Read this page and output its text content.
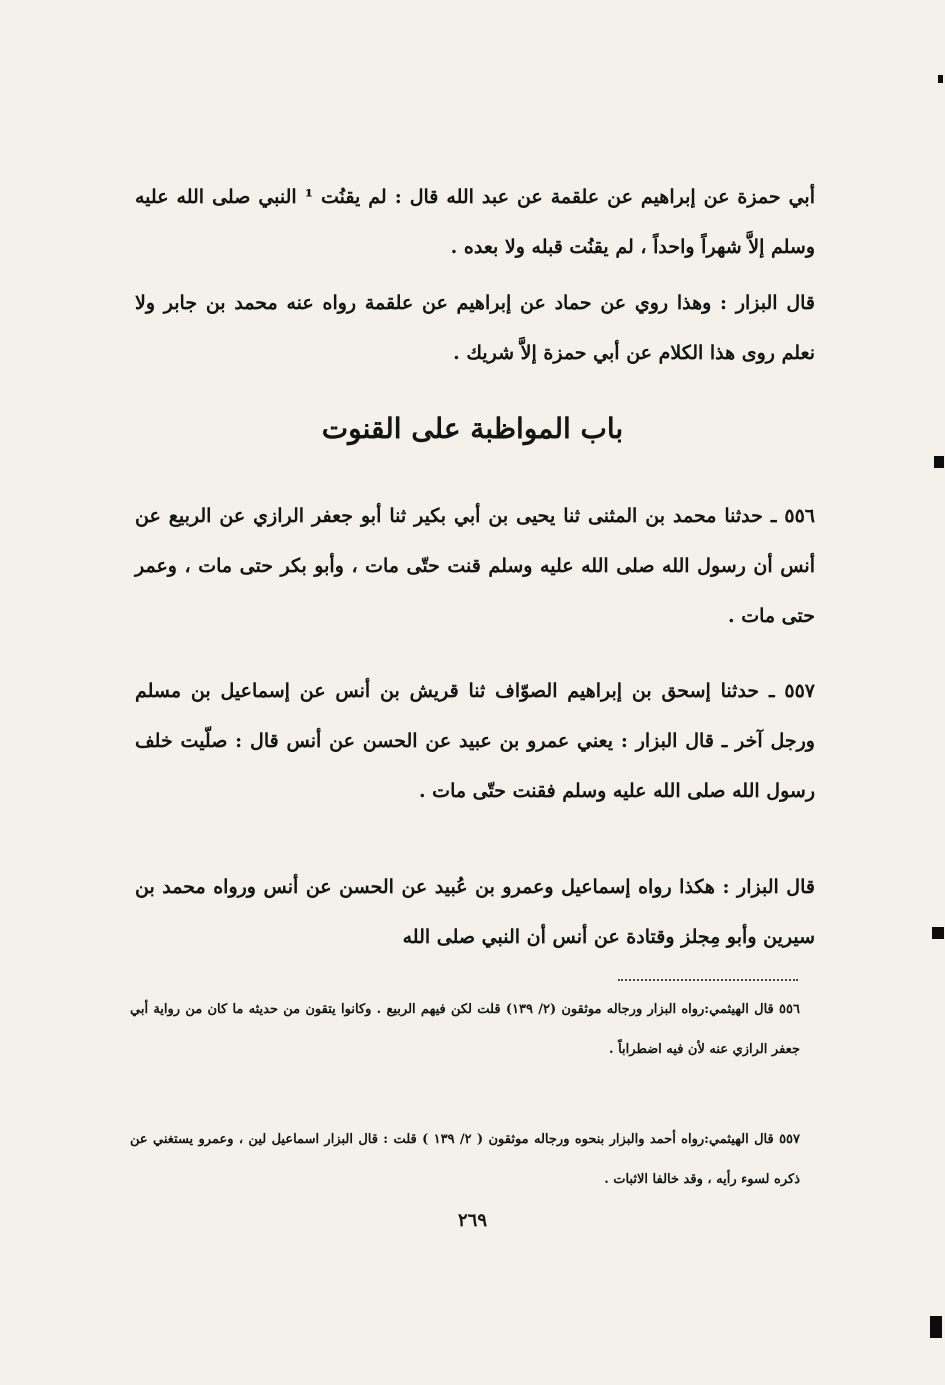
أبي حمزة عن إبراهيم عن علقمة عن عبد الله قال : لم يقنُت ¹ النبي صلى الله عليه وسلم إلاَّ شهراً واحداً ، لم يقنُت قبله ولا بعده .

قال البزار : وهذا روي عن حماد عن إبراهيم عن علقمة رواه عنه محمد بن جابر ولا نعلم روى هذا الكلام عن أبي حمزة إلاَّ شريك .

باب المواظبة على القنوت

٥٥٦ ـ حدثنا محمد بن المثنى ثنا يحيى بن أبي بكير ثنا أبو جعفر الرازي عن الربيع عن أنس أن رسول الله صلى الله عليه وسلم قنت حتّى مات ، وأبو بكر حتى مات ، وعمر حتى مات .

٥٥٧ ـ حدثنا إسحق بن إبراهيم الصوّاف ثنا قريش بن أنس عن إسماعيل بن مسلم ورجل آخر ـ قال البزار : يعني عمرو بن عبيد عن الحسن عن أنس قال : صلّيت خلف رسول الله صلى الله عليه وسلم فقنت حتّى مات .

قال البزار : هكذا رواه إسماعيل وعمرو بن عُبيد عن الحسن عن أنس ورواه محمد بن سيرين وأبو مِجلز وقتادة عن أنس أن النبي صلى الله

٥٥٦ قال الهيثمي:رواه البزار ورجاله موثقون (٢/ ١٣٩) قلت لكن فيهم الربيع . وكانوا يتقون من حديثه ما كان من رواية أبي جعفر الرازي عنه لأن فيه اضطراباً .

٥٥٧ قال الهيثمي:رواه أحمد والبزار بنحوه ورجاله موثقون ( ٢/ ١٣٩ ) قلت : قال البزار اسماعيل لين ، وعمرو يستغني عن ذكره لسوء رأيه ، وقد خالفا الاثبات .

٢٦٩
